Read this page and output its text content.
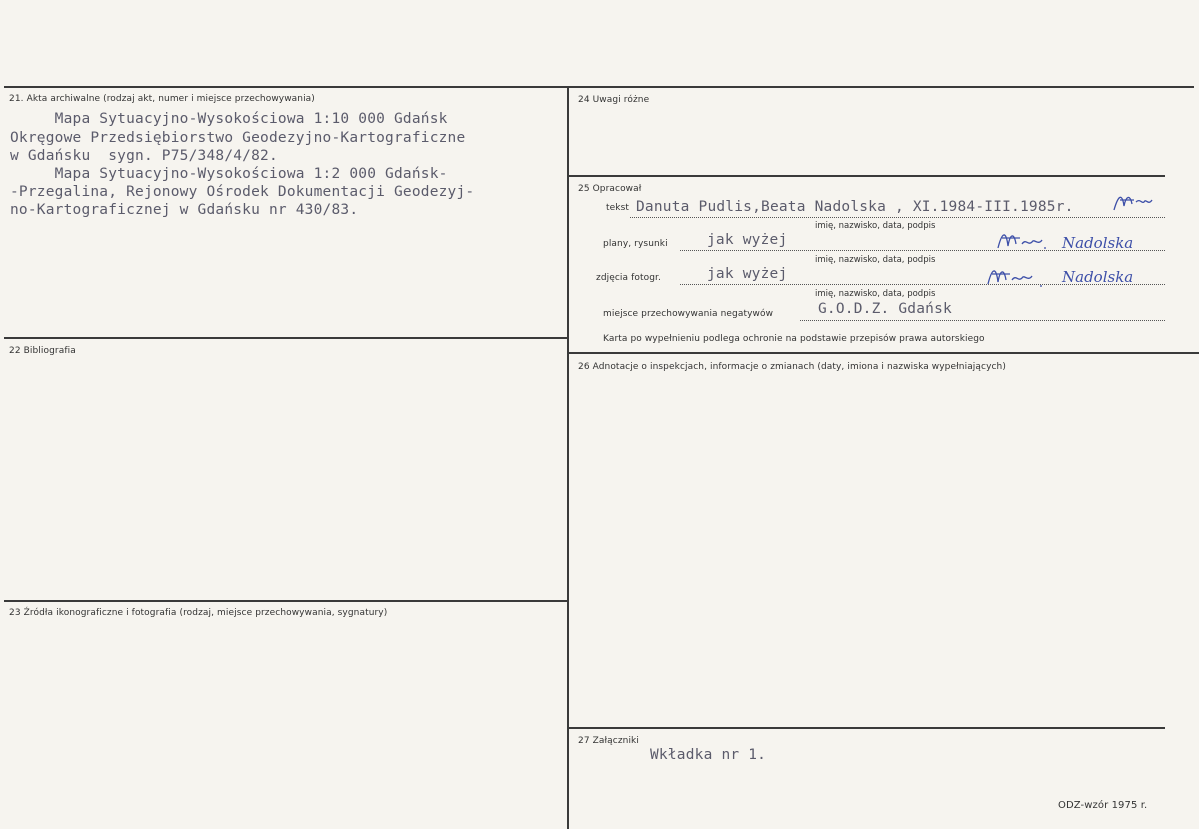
21. Akta archiwalne (rodzaj akt, numer i miejsce przechowywania)
Mapa Sytuacyjno-Wysokościowa 1:10 000 Gdańsk
Okręgowe Przedsiębiorstwo Geodezyjno-Kartograficzne
w Gdańsku  sygn. P75/348/4/82.
Mapa Sytuacyjno-Wysokościowa 1:2 000 Gdańsk-
-Przegalina, Rejonowy Ośrodek Dokumentacji Geodezyj-
no-Kartograficznej w Gdańsku nr 430/83.
22 Bibliografia
23 Źródła ikonograficzne i fotografia (rodzaj, miejsce przechowywania, sygnatury)
24 Uwagi różne
25 Opracował
tekst Danuta Pudlis,Beata Nadolska , XI.1984-III.1985r.
imię, nazwisko, data, podpis
plany, rysunki	jak wyżej	Nadolska
imię, nazwisko, data, podpis
zdjęcia fotogr.	jak wyżej	Nadolska
imię, nazwisko, data, podpis
miejsce przechowywania negatywów	G.O.D.Z. Gdańsk
Karta po wypełnieniu podlega ochronie na podstawie przepisów prawa autorskiego
26 Adnotacje o inspekcjach, informacje o zmianach (daty, imiona i nazwiska wypełniających)
27 Załączniki
Wkładka nr 1.
ODZ-wzór 1975 r.
